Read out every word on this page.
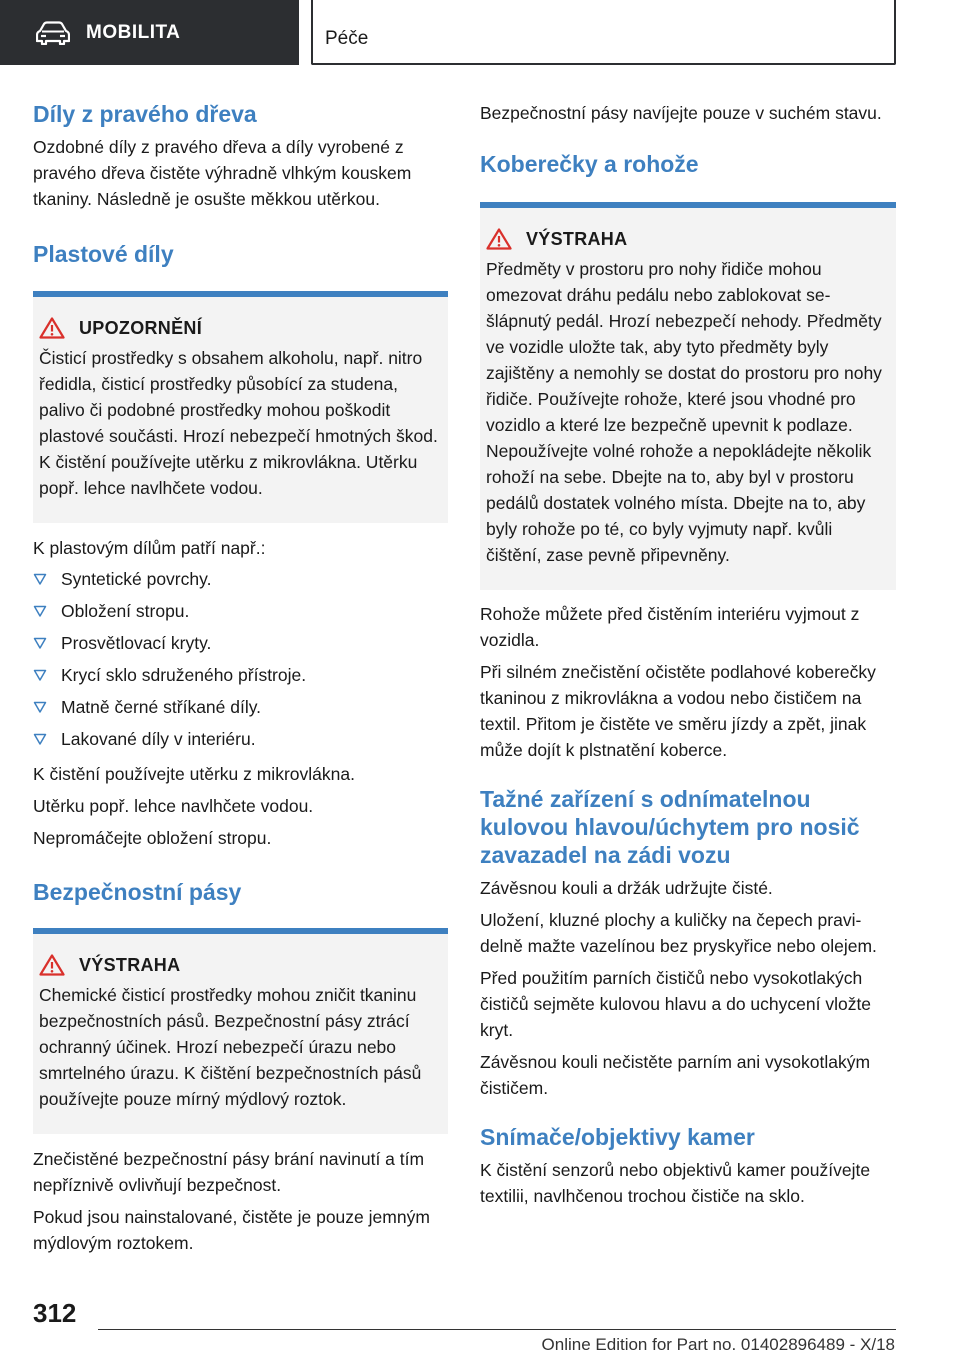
MOBILITA	Péče
Díly z pravého dřeva

Ozdobné díly z pravého dřeva a díly vyrobené z pravého dřeva čistěte výhradně vlhkým kouskem tkaniny. Následně je osušte měkkou utěrkou.

Plastové díly
UPOZORNĚNÍ
Čisticí prostředky s obsahem alkoholu, např. nitro ředidla, čisticí prostředky působící za studena, palivo či podobné prostředky mohou poškodit plastové součásti. Hrozí nebezpečí hmotných škod. K čistění používejte utěrku z mikrovlákna. Utěrku popř. lehce navlhčete vodou.

K plastovým dílům patří např.:

Syntetické povrchy.
Obložení stropu.
Prosvětlovací kryty.
Krycí sklo sdruženého přístroje.
Matně černé stříkané díly.
Lakované díly v interiéru.

K čistění používejte utěrku z mikrovlákna.

Utěrku popř. lehce navlhčete vodou.

Nepromáčejte obložení stropu.

Bezpečnostní pásy
VÝSTRAHA
Chemické čisticí prostředky mohou zničit tkaninu bezpečnostních pásů. Bezpečnostní pásy ztrácí ochranný účinek. Hrozí nebezpečí úrazu nebo smrtelného úrazu. K čištění bezpečnostních pásů používejte pouze mírný mýdlový roztok.

Znečistěné bezpečnostní pásy brání navinutí a tím nepříznivě ovlivňují bezpečnost.

Pokud jsou nainstalované, čistěte je pouze jemným mýdlovým roztokem.

Bezpečnostní pásy navíjejte pouze v suchém stavu.

Koberečky a rohože
VÝSTRAHA
Předměty v prostoru pro nohy řidiče mohou omezovat dráhu pedálu nebo zablokovat sešlápnutý pedál. Hrozí nebezpečí nehody. Předměty ve vozidle uložte tak, aby tyto předměty byly zajištěny a nemohly se dostat do prostoru pro nohy řidiče. Používejte rohože, které jsou vhodné pro vozidlo a které lze bezpečně upevnit k podlaze. Nepoužívejte volné rohože a nepokládejte několik rohoží na sebe. Dbejte na to, aby byl v prostoru pedálů dostatek volného místa. Dbejte na to, aby byly rohože po té, co byly vyjmuty např. kvůli čištění, zase pevně připevněny.

Rohože můžete před čistěním interiéru vyjmout z vozidla.

Při silném znečistění očistěte podlahové koberečky tkaninou z mikrovlákna a vodou nebo čističem na textil. Přitom je čistěte ve směru jízdy a zpět, jinak může dojít k plstnatění koberce.

Tažné zařízení s odnímatelnou kulovou hlavou/úchytem pro nosič zavazadel na zádi vozu

Závěsnou kouli a držák udržujte čisté.

Uložení, kluzné plochy a kuličky na čepech pravidelně mažte vazelínou bez pryskyřice nebo olejem.

Před použitím parních čističů nebo vysokotlakých čističů sejměte kulovou hlavu a do uchycení vložte kryt.

Závěsnou kouli nečistěte parním ani vysokotlakým čističem.

Snímače/objektivy kamer

K čistění senzorů nebo objektivů kamer používejte textilii, navlhčenou trochou čističe na sklo.

312
Online Edition for Part no. 01402896489 - X/18
